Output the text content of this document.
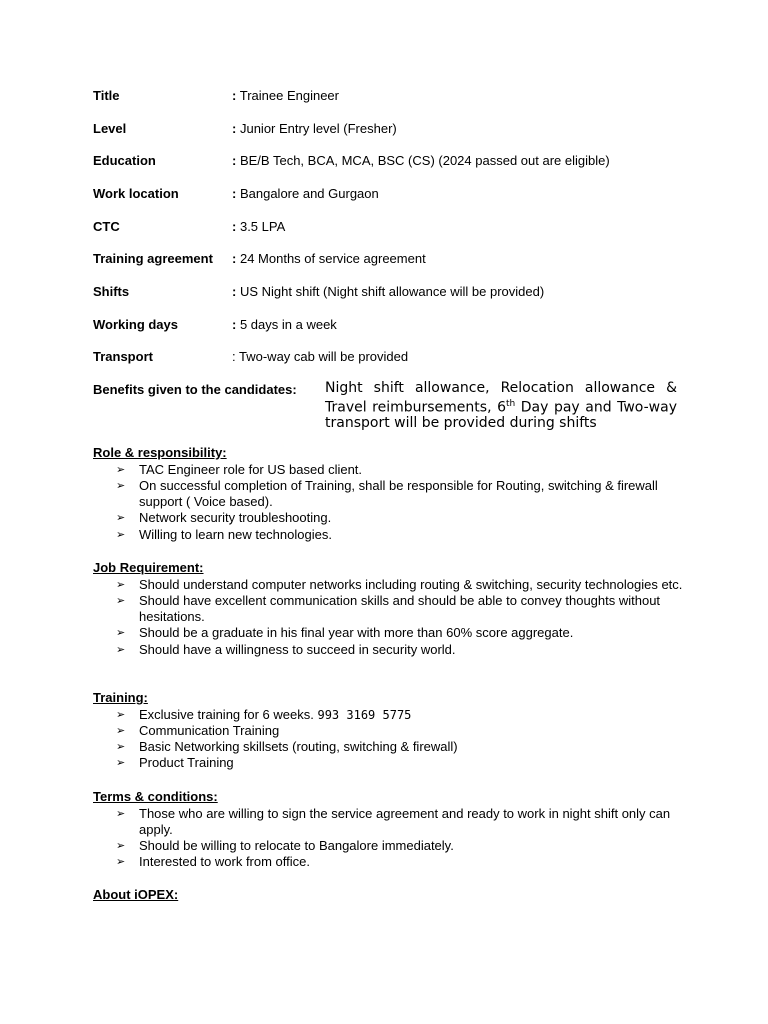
Title	: Trainee Engineer
Level	: Junior Entry level (Fresher)
Education	: BE/B Tech, BCA, MCA, BSC (CS) (2024 passed out are eligible)
Work location	: Bangalore and Gurgaon
CTC	: 3.5 LPA
Training agreement : 24 Months of service agreement
Shifts	: US Night shift (Night shift allowance will be provided)
Working days	: 5 days in a week
Transport	: Two-way cab will be provided
Benefits given to the candidates: Night shift allowance, Relocation allowance & Travel reimbursements, 6th Day pay and Two-way transport will be provided during shifts
Role & responsibility:
➢ TAC Engineer role for US based client.
➢ On successful completion of Training, shall be responsible for Routing, switching & firewall support ( Voice based).
➢ Network security troubleshooting.
➢ Willing to learn new technologies.
Job Requirement:
➢ Should understand computer networks including routing & switching, security technologies etc.
➢ Should have excellent communication skills and should be able to convey thoughts without hesitations.
➢ Should be a graduate in his final year with more than 60% score aggregate.
➢ Should have a willingness to succeed in security world.
Training:
➢ Exclusive training for 6 weeks. 993 3169 5775
➢ Communication Training
➢ Basic Networking skillsets (routing, switching & firewall)
➢ Product Training
Terms & conditions:
➢ Those who are willing to sign the service agreement and ready to work in night shift only can apply.
➢ Should be willing to relocate to Bangalore immediately.
➢ Interested to work from office.
About iOPEX:
